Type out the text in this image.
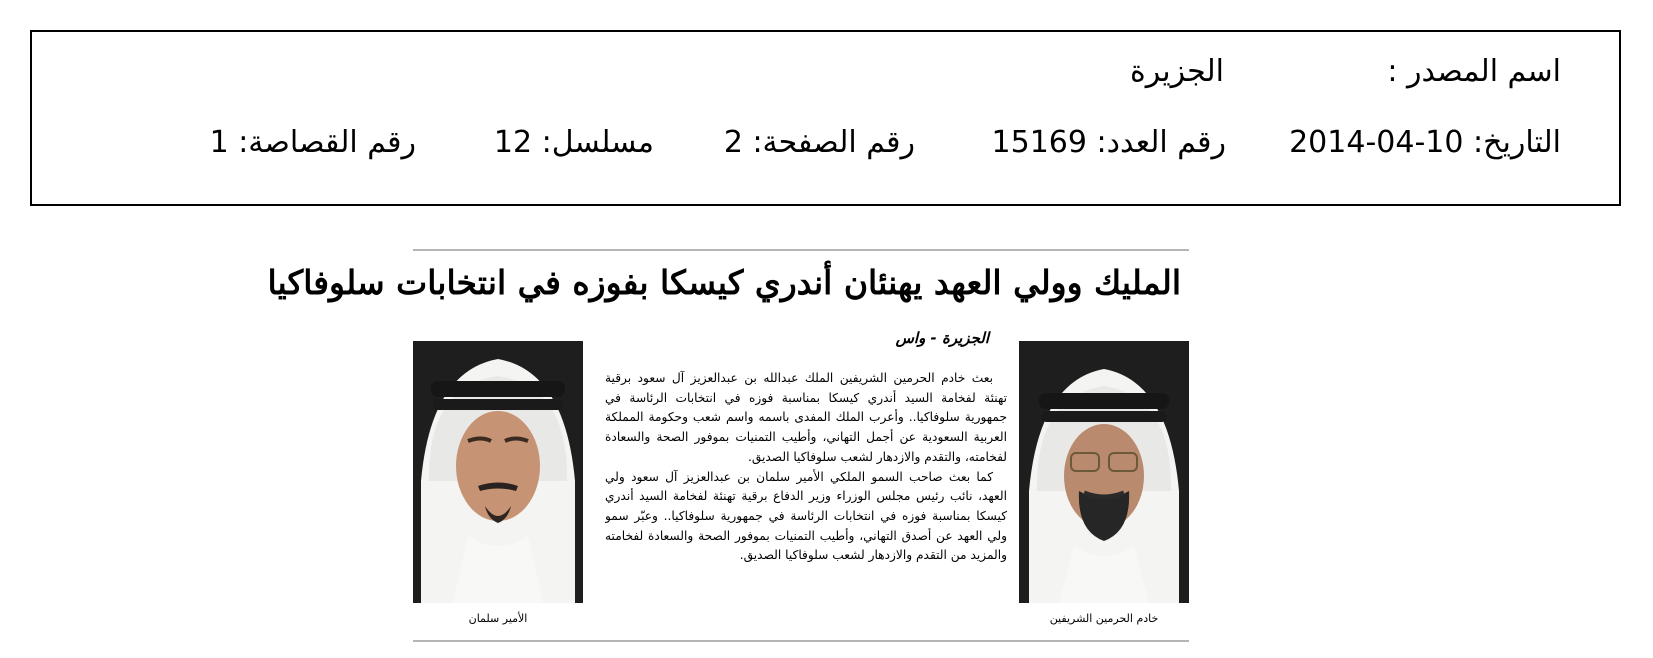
اسم المصدر :
الجزيرة
التاريخ: 10-04-2014
رقم العدد: 15169
رقم الصفحة: 2
مسلسل: 12
رقم القصاصة: 1
المليك وولي العهد يهنئان أندري كيسكا بفوزه في انتخابات سلوفاكيا
الجزيرة - واس

بعث خادم الحرمين الشريفين الملك عبدالله بن عبدالعزيز آل سعود برقية تهنئة لفخامة السيد أندري كيسكا بمناسبة فوزه في انتخابات الرئاسة في جمهورية سلوفاكيا.. وأعرب الملك المفدى باسمه واسم شعب وحكومة المملكة العربية السعودية عن أجمل التهاني، وأطيب التمنيات بموفور الصحة والسعادة لفخامته، والتقدم والازدهار لشعب سلوفاكيا الصديق.

كما بعث صاحب السمو الملكي الأمير سلمان بن عبدالعزيز آل سعود ولي العهد، نائب رئيس مجلس الوزراء وزير الدفاع برقية تهنئة لفخامة السيد أندري كيسكا بمناسبة فوزه في انتخابات الرئاسة في جمهورية سلوفاكيا.. وعبّر سمو ولي العهد عن أصدق التهاني، وأطيب التمنيات بموفور الصحة والسعادة لفخامته والمزيد من التقدم والازدهار لشعب سلوفاكيا الصديق.

خادم الحرمين الشريفين
الأمير سلمان
